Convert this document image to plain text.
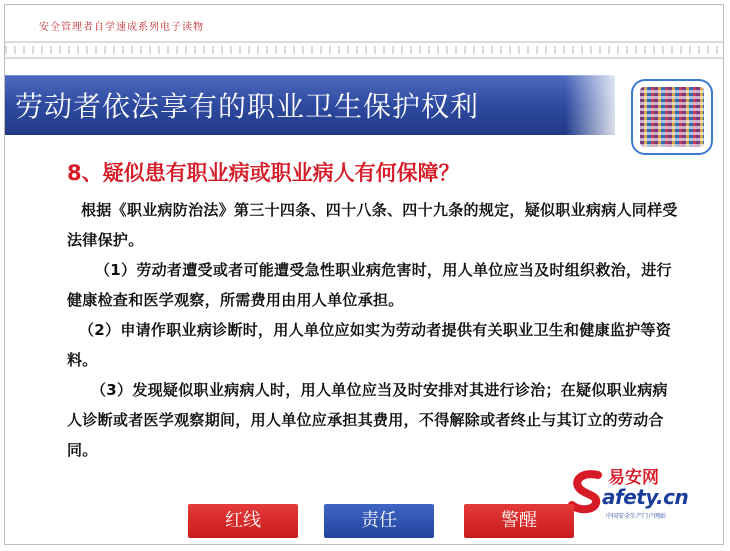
安全管理者自学速成系列电子读物
劳动者依法享有的职业卫生保护权利
8、疑似患有职业病或职业病人有何保障？
根据《职业病防治法》第三十四条、四十八条、四十九条的规定，疑似职业病病人同样受法律保护。
（1）劳动者遭受或者可能遭受急性职业病危害时，用人单位应当及时组织救治，进行健康检查和医学观察，所需费用由用人单位承担。
（2）申请作职业病诊断时，用人单位应如实为劳动者提供有关职业卫生和健康监护等资料。
（3）发现疑似职业病病人时，用人单位应当及时安排对其进行诊治；在疑似职业病病人诊断或者医学观察期间，用人单位应承担其费用，不得解除或者终止与其订立的劳动合同。
易安网
afety.cn
中国安全生产门户网站
红线	责任	警醒
